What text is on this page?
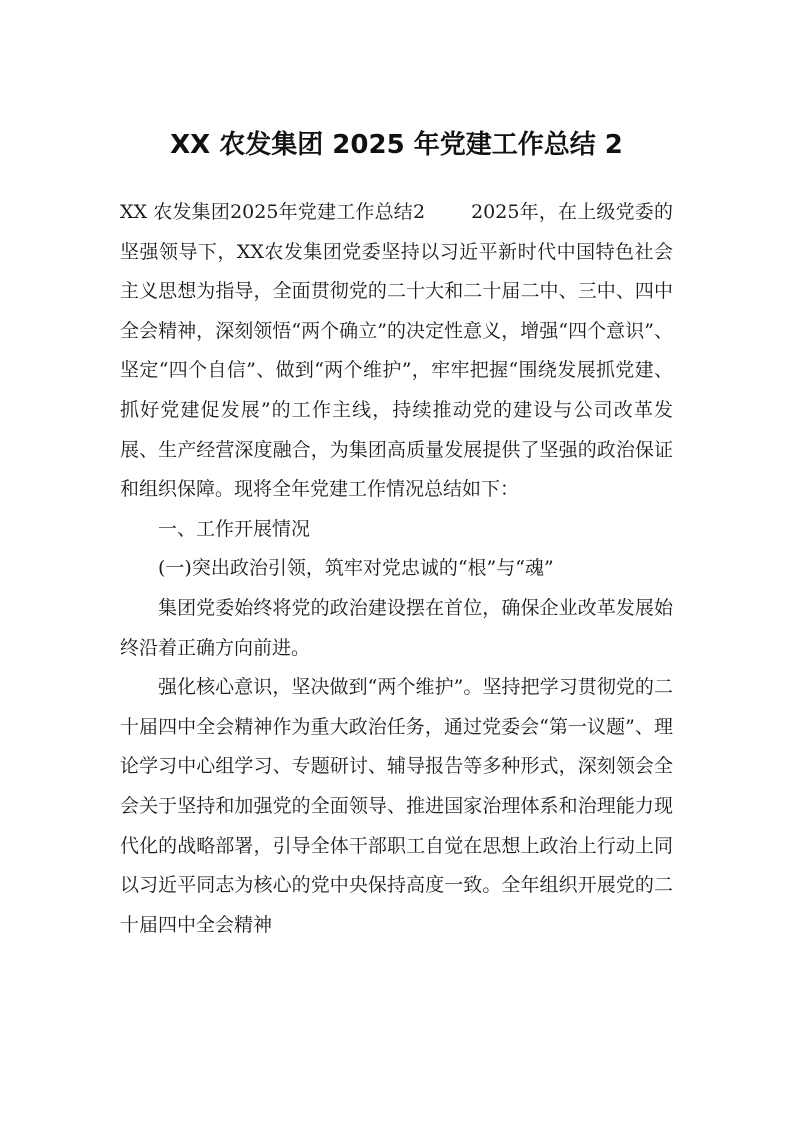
XX 农发集团 2025 年党建工作总结 2

XX 农发集团2025年党建工作总结2 2025年，在上级党委的坚强领导下，XX农发集团党委坚持以习近平新时代中国特色社会主义思想为指导，全面贯彻党的二十大和二十届二中、三中、四中全会精神，深刻领悟“两个确立”的决定性意义，增强“四个意识”、坚定“四个自信”、做到“两个维护”，牢牢把握“围绕发展抓党建、抓好党建促发展”的工作主线，持续推动党的建设与公司改革发展、生产经营深度融合，为集团高质量发展提供了坚强的政治保证和组织保障。现将全年党建工作情况总结如下：

一、工作开展情况

(一)突出政治引领，筑牢对党忠诚的“根”与“魂”

集团党委始终将党的政治建设摆在首位，确保企业改革发展始终沿着正确方向前进。

强化核心意识，坚决做到“两个维护”。坚持把学习贯彻党的二十届四中全会精神作为重大政治任务，通过党委会“第一议题”、理论学习中心组学习、专题研讨、辅导报告等多种形式，深刻领会全会关于坚持和加强党的全面领导、推进国家治理体系和治理能力现代化的战略部署，引导全体干部职工自觉在思想上政治上行动上同以习近平同志为核心的党中央保持高度一致。全年组织开展党的二十届四中全会精神
